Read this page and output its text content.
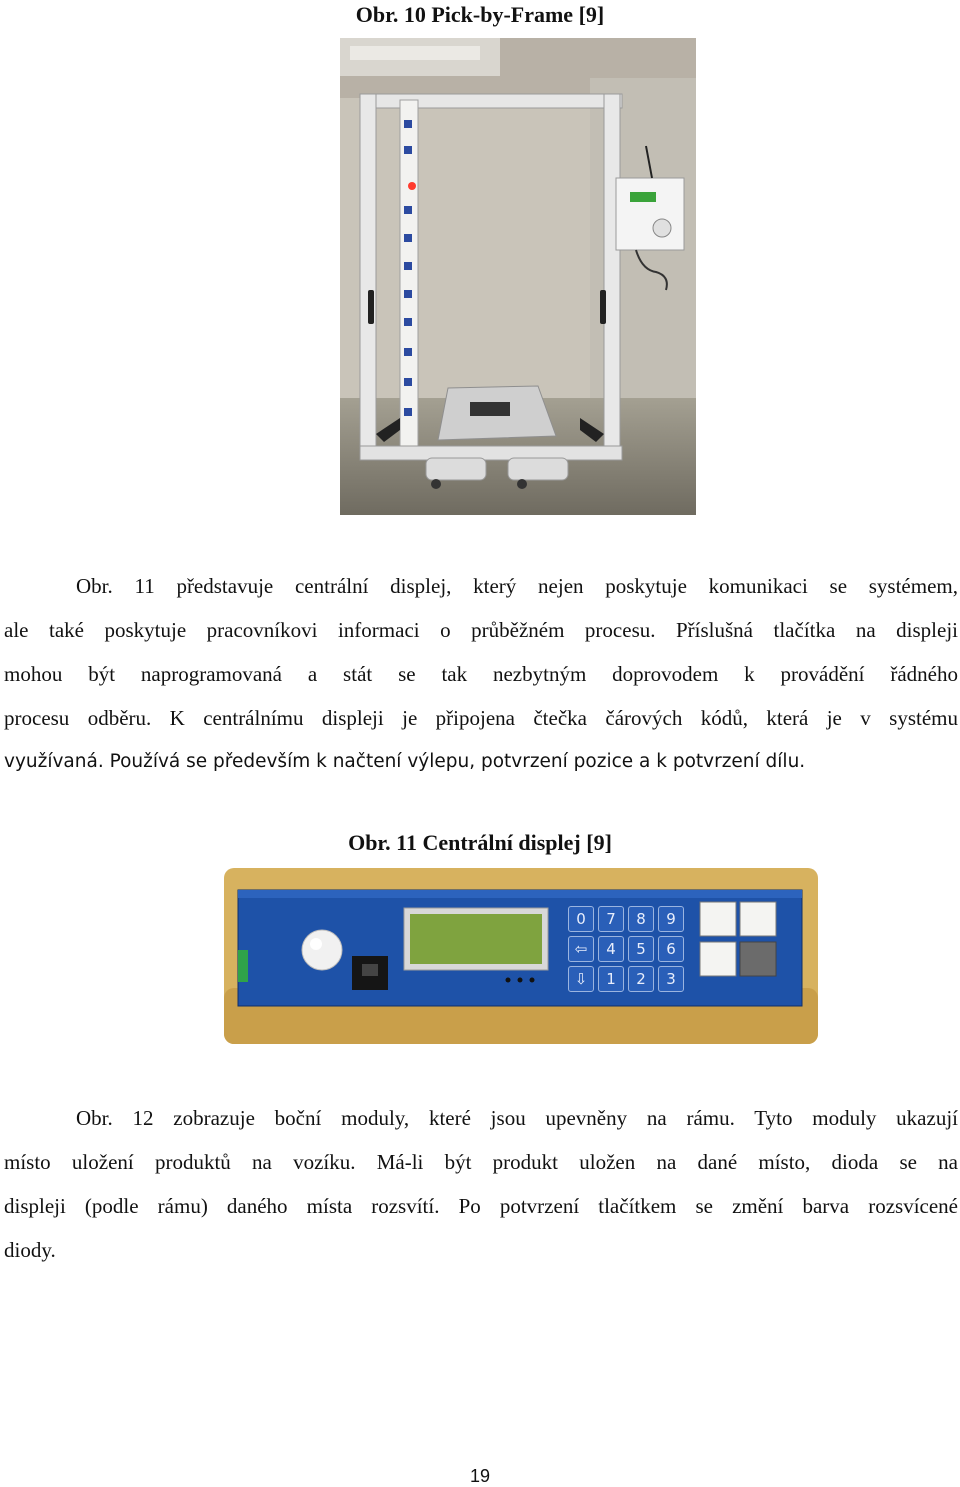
Obr. 10 Pick-by-Frame [9]
Obr. 11 představuje centrální displej, který nejen poskytuje komunikaci se systémem,
ale také poskytuje pracovníkovi informaci o průběžném procesu. Příslušná tlačítka na displeji
mohou být naprogramovaná a stát se tak nezbytným doprovodem k provádění řádného
procesu odběru. K centrálnímu displeji je připojena čtečka čárových kódů, která je v systému
využívaná. Používá se především k načtení výlepu, potvrzení pozice a k potvrzení dílu.
Obr. 11 Centrální displej [9]
0	7	8	9
⇦	4	5	6
⇩	1	2	3
Obr. 12 zobrazuje boční moduly, které jsou upevněny na rámu. Tyto moduly ukazují
místo uložení produktů na vozíku. Má-li být produkt uložen na dané místo, dioda se na
displeji (podle rámu) daného místa rozsvítí. Po potvrzení tlačítkem se změní barva rozsvícené
diody.
19
